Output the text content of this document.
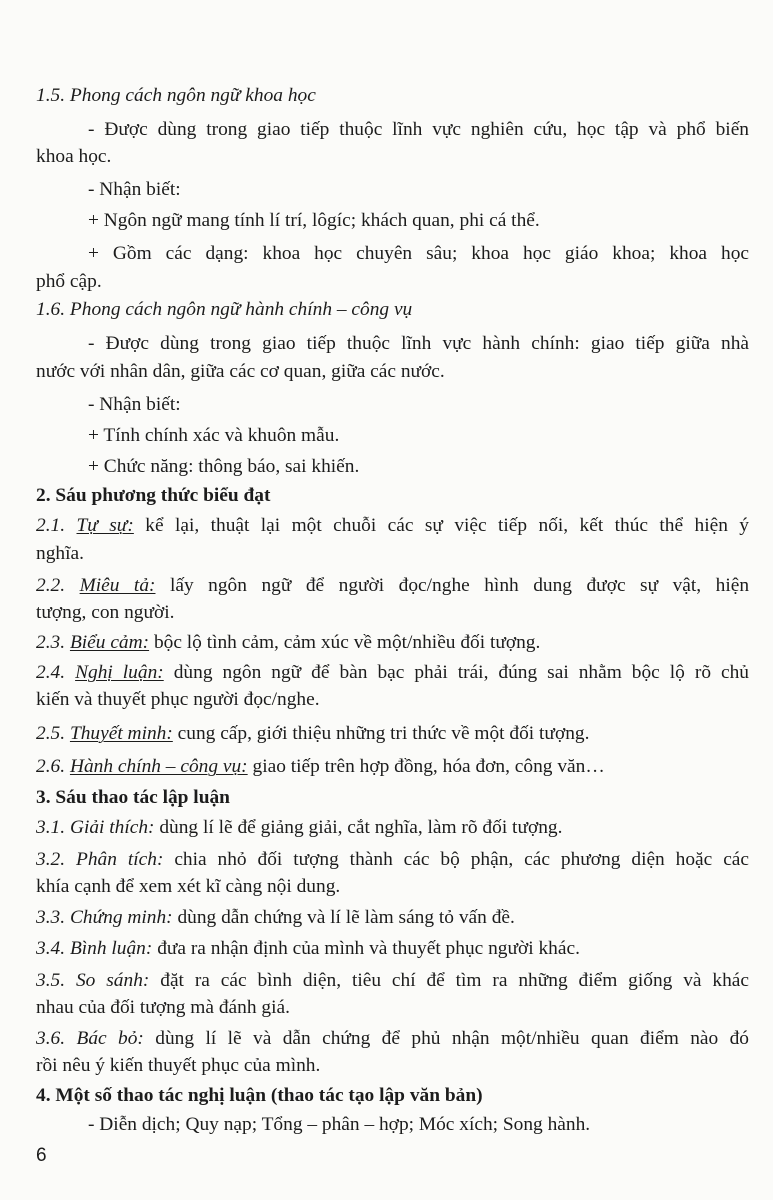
1.5. Phong cách ngôn ngữ khoa học
- Được dùng trong giao tiếp thuộc lĩnh vực nghiên cứu, học tập và phổ biến
khoa học.
- Nhận biết:
+ Ngôn ngữ mang tính lí trí, lôgíc; khách quan, phi cá thể.
+ Gồm các dạng: khoa học chuyên sâu; khoa học giáo khoa; khoa học
phổ cập.
1.6. Phong cách ngôn ngữ hành chính – công vụ
- Được dùng trong giao tiếp thuộc lĩnh vực hành chính: giao tiếp giữa nhà
nước với nhân dân, giữa các cơ quan, giữa các nước.
- Nhận biết:
+ Tính chính xác và khuôn mẫu.
+ Chức năng: thông báo, sai khiến.
2. Sáu phương thức biểu đạt
2.1. Tự sự: kể lại, thuật lại một chuỗi các sự việc tiếp nối, kết thúc thể hiện ý
nghĩa.
2.2. Miêu tả: lấy ngôn ngữ để người đọc/nghe hình dung được sự vật, hiện
tượng, con người.
2.3. Biểu cảm: bộc lộ tình cảm, cảm xúc về một/nhiều đối tượng.
2.4. Nghị luận: dùng ngôn ngữ để bàn bạc phải trái, đúng sai nhằm bộc lộ rõ chủ
kiến và thuyết phục người đọc/nghe.
2.5. Thuyết minh: cung cấp, giới thiệu những tri thức về một đối tượng.
2.6. Hành chính – công vụ: giao tiếp trên hợp đồng, hóa đơn, công văn…
3. Sáu thao tác lập luận
3.1. Giải thích: dùng lí lẽ để giảng giải, cắt nghĩa, làm rõ đối tượng.
3.2. Phân tích: chia nhỏ đối tượng thành các bộ phận, các phương diện hoặc các
khía cạnh để xem xét kĩ càng nội dung.
3.3. Chứng minh: dùng dẫn chứng và lí lẽ làm sáng tỏ vấn đề.
3.4. Bình luận: đưa ra nhận định của mình và thuyết phục người khác.
3.5. So sánh: đặt ra các bình diện, tiêu chí để tìm ra những điểm giống và khác
nhau của đối tượng mà đánh giá.
3.6. Bác bỏ: dùng lí lẽ và dẫn chứng để phủ nhận một/nhiều quan điểm nào đó
rồi nêu ý kiến thuyết phục của mình.
4. Một số thao tác nghị luận (thao tác tạo lập văn bản)
- Diễn dịch; Quy nạp; Tổng – phân – hợp; Móc xích; Song hành.
6
